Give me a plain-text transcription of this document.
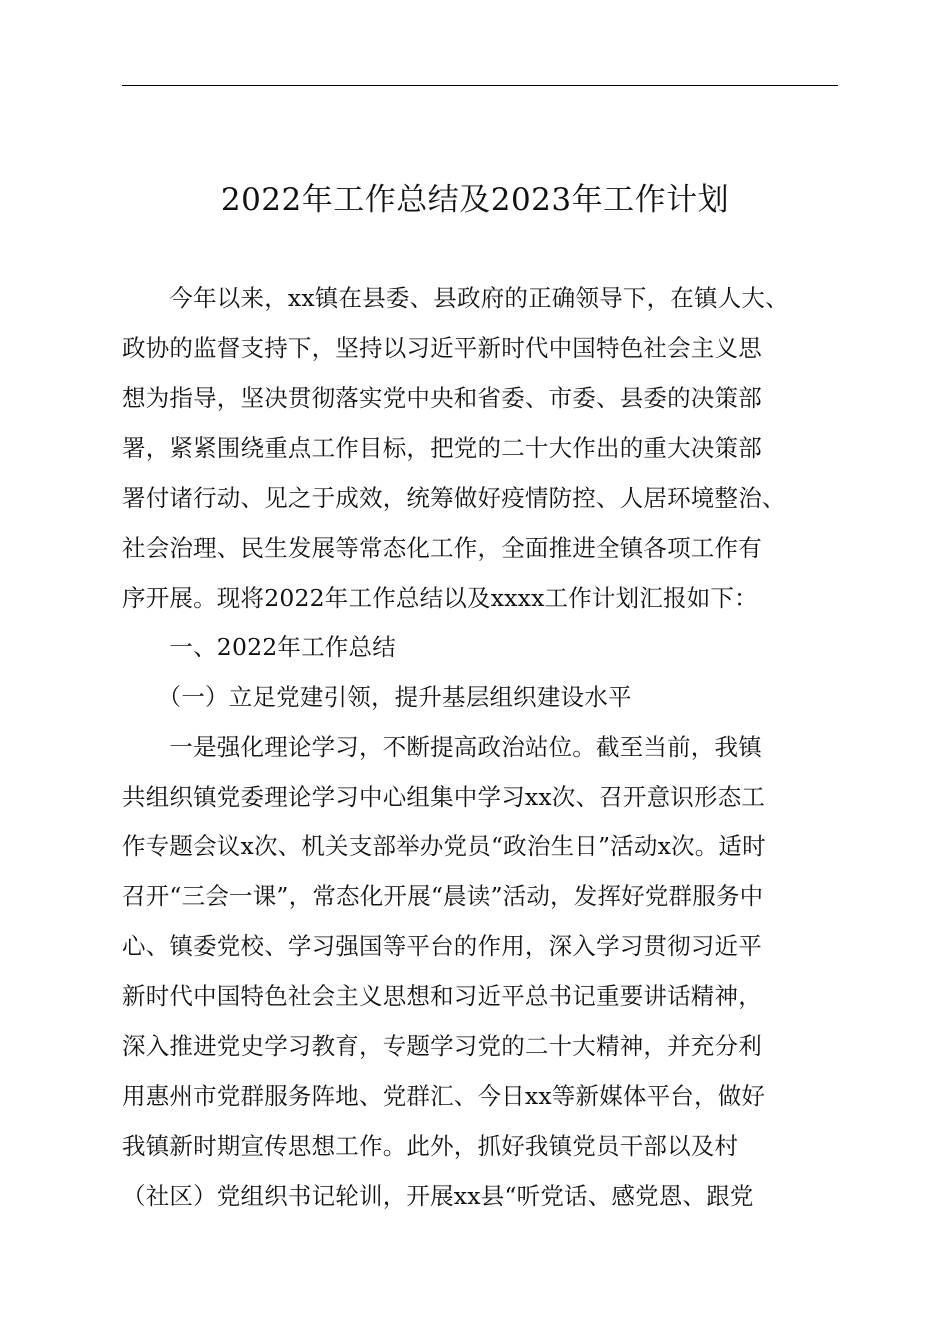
2022年工作总结及2023年工作计划
　　今年以来，xx镇在县委、县政府的正确领导下，在镇人大、
政协的监督支持下，坚持以习近平新时代中国特色社会主义思
想为指导，坚决贯彻落实党中央和省委、市委、县委的决策部
署，紧紧围绕重点工作目标，把党的二十大作出的重大决策部
署付诸行动、见之于成效，统筹做好疫情防控、人居环境整治、
社会治理、民生发展等常态化工作，全面推进全镇各项工作有
序开展。现将2022年工作总结以及xxxx工作计划汇报如下：
　　一、2022年工作总结
　　（一）立足党建引领，提升基层组织建设水平
　　一是强化理论学习，不断提高政治站位。截至当前，我镇
共组织镇党委理论学习中心组集中学习xx次、召开意识形态工
作专题会议x次、机关支部举办党员“政治生日”活动x次。适时
召开“三会一课”，常态化开展“晨读”活动，发挥好党群服务中
心、镇委党校、学习强国等平台的作用，深入学习贯彻习近平
新时代中国特色社会主义思想和习近平总书记重要讲话精神，
深入推进党史学习教育，专题学习党的二十大精神，并充分利
用惠州市党群服务阵地、党群汇、今日xx等新媒体平台，做好
我镇新时期宣传思想工作。此外，抓好我镇党员干部以及村
（社区）党组织书记轮训，开展xx县“听党话、感党恩、跟党
